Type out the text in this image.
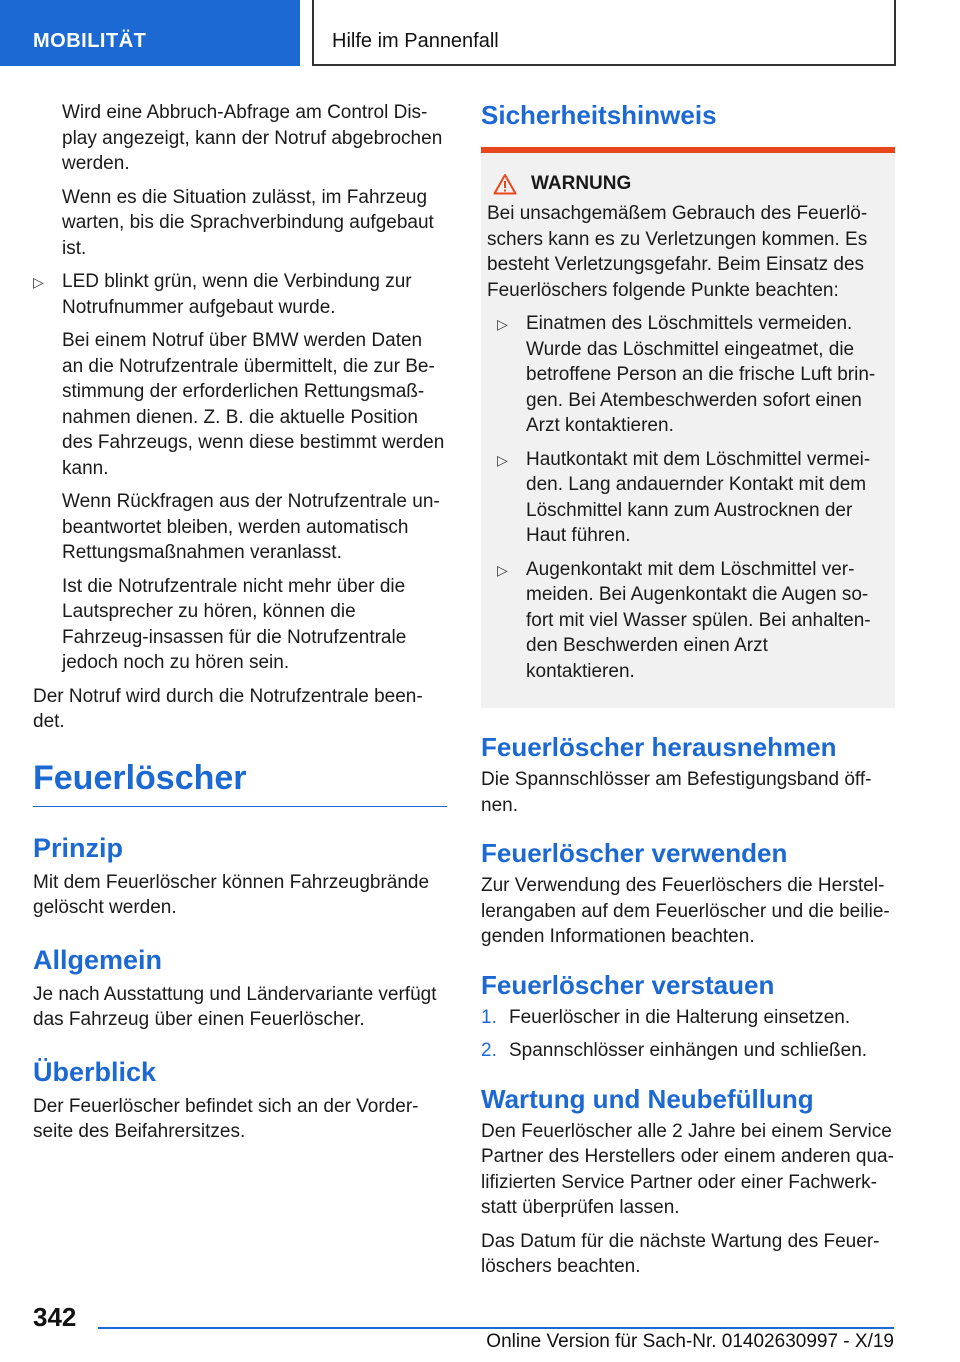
MOBILITÄT	Hilfe im Pannenfall

Wird eine Abbruch-Abfrage am Control Dis-play angezeigt, kann der Notruf abgebrochen werden.

Wenn es die Situation zulässt, im Fahrzeug warten, bis die Sprachverbindung aufgebaut ist.

▷ LED blinkt grün, wenn die Verbindung zur Notrufnummer aufgebaut wurde.

Bei einem Notruf über BMW werden Daten an die Notrufzentrale übermittelt, die zur Be-stimmung der erforderlichen Rettungsmaß-nahmen dienen. Z. B. die aktuelle Position des Fahrzeugs, wenn diese bestimmt werden kann.

Wenn Rückfragen aus der Notrufzentrale un-beantwortet bleiben, werden automatisch Rettungsmaßnahmen veranlasst.

Ist die Notrufzentrale nicht mehr über die Lautsprecher zu hören, können die Fahrzeug-insassen für die Notrufzentrale jedoch noch zu hören sein.

Der Notruf wird durch die Notrufzentrale been-det.

Feuerlöscher
Prinzip

Mit dem Feuerlöscher können Fahrzeugbrände gelöscht werden.

Allgemein

Je nach Ausstattung und Ländervariante verfügt das Fahrzeug über einen Feuerlöscher.

Überblick

Der Feuerlöscher befindet sich an der Vorder-seite des Beifahrersitzes.

Sicherheitshinweis
WARNUNG

Bei unsachgemäßem Gebrauch des Feuerlö-schers kann es zu Verletzungen kommen. Es besteht Verletzungsgefahr. Beim Einsatz des Feuerlöschers folgende Punkte beachten:

▷ Einatmen des Löschmittels vermeiden. Wurde das Löschmittel eingeatmet, die betroffene Person an die frische Luft brin-gen. Bei Atembeschwerden sofort einen Arzt kontaktieren.
▷ Hautkontakt mit dem Löschmittel vermei-den. Lang andauernder Kontakt mit dem Löschmittel kann zum Austrocknen der Haut führen.
▷ Augenkontakt mit dem Löschmittel ver-meiden. Bei Augenkontakt die Augen so-fort mit viel Wasser spülen. Bei anhalten-den Beschwerden einen Arzt kontaktieren.
Feuerlöscher herausnehmen

Die Spannschlösser am Befestigungsband öff-nen.

Feuerlöscher verwenden

Zur Verwendung des Feuerlöschers die Herstel-lerangaben auf dem Feuerlöscher und die beilie-genden Informationen beachten.

Feuerlöscher verstauen
1. Feuerlöscher in die Halterung einsetzen.
2. Spannschlösser einhängen und schließen.
Wartung und Neubefüllung

Den Feuerlöscher alle 2 Jahre bei einem Service Partner des Herstellers oder einem anderen qua-lifizierten Service Partner oder einer Fachwerk-statt überprüfen lassen.

Das Datum für die nächste Wartung des Feuer-löschers beachten.

342
Online Version für Sach-Nr. 01402630997 - X/19
